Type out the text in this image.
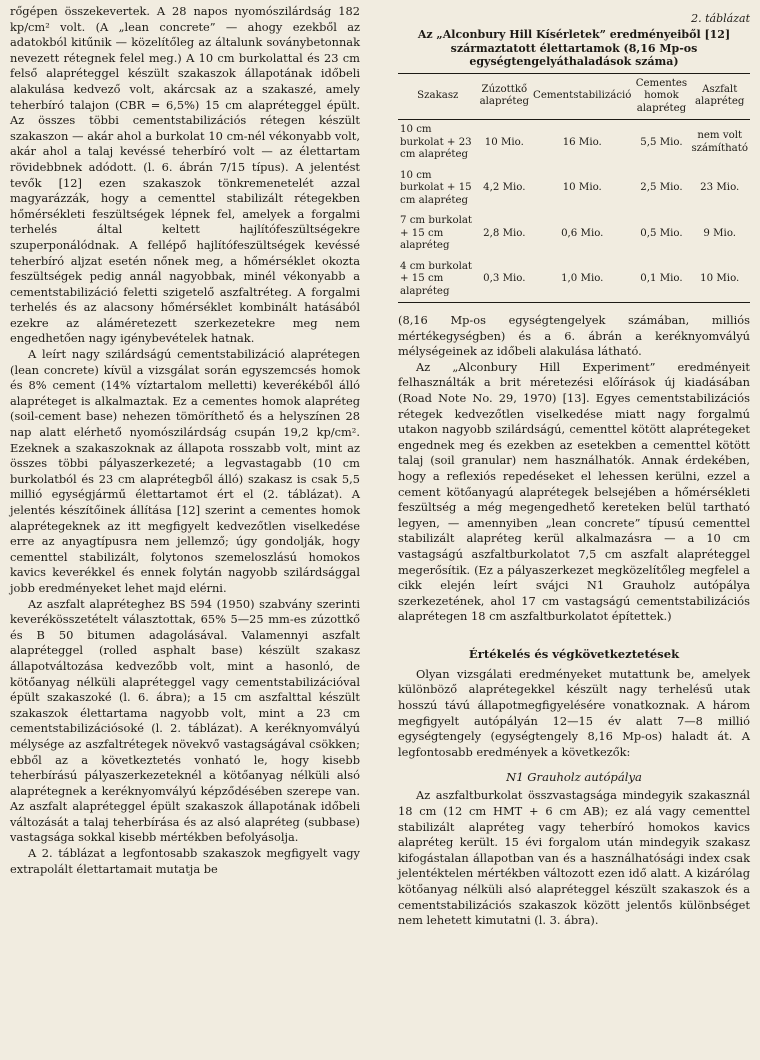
rőgépen összekevertek. A 28 napos nyomószilárdság 182 kp/cm² volt. (A „lean concrete” — ahogy ezekből az adatokból kitűnik — közelítőleg az általunk soványbetonnak nevezett rétegnek felel meg.) A 10 cm burkolattal és 23 cm felső alapréteggel készült szakaszok állapotának időbeli alakulása kedvező volt, akárcsak az a szakaszé, amely teherbíró talajon (CBR = 6,5%) 15 cm alapréteggel épült. Az összes többi cementstabilizációs rétegen készült szakaszon — akár ahol a burkolat 10 cm-nél vékonyabb volt, akár ahol a talaj kevéssé teherbíró volt — az élettartam rövidebbnek adódott. (l. 6. ábrán 7/15 típus). A jelentést tevők [12] ezen szakaszok tönkremenetelét azzal magyarázzák, hogy a cementtel stabilizált rétegekben hőmérsékleti feszültségek lépnek fel, amelyek a forgalmi terhelés által keltett hajlítófeszültségekre szuperponálódnak. A fellépő hajlítófeszültségek kevéssé teherbíró aljzat esetén nőnek meg, a hőmérséklet okozta feszültségek pedig annál nagyobbak, minél vékonyabb a cementstabilizáció feletti szigetelő aszfaltréteg. A forgalmi terhelés és az alacsony hőmérséklet kombinált hatásából ezekre az aláméretezett szerkezetekre meg nem engedhetően nagy igénybevételek hatnak.

A leírt nagy szilárdságú cementstabilizáció alaprétegen (lean concrete) kívül a vizsgálat során egyszemcsés homok és 8% cement (14% víztartalom melletti) keverékéből álló alapréteget is alkalmaztak. Ez a cementes homok alapréteg (soil-cement base) nehezen tömöríthető és a helyszínen 28 nap alatt elérhető nyomószilárdság csupán 19,2 kp/cm². Ezeknek a szakaszoknak az állapota rosszabb volt, mint az összes többi pályaszerkezeté; a legvastagabb (10 cm burkolatból és 23 cm alaprétegből álló) szakasz is csak 5,5 millió egységjármű élettartamot ért el (2. táblázat). A jelentés készítőinek állítása [12] szerint a cementes homok alaprétegeknek az itt megfigyelt kedvezőtlen viselkedése erre az anyagtípusra nem jellemző; úgy gondolják, hogy cementtel stabilizált, folytonos szemeloszlású homokos kavics keverékkel és ennek folytán nagyobb szilárdsággal jobb eredményeket lehet majd elérni.

Az aszfalt alapréteghez BS 594 (1950) szabvány szerinti keverékösszetételt választottak, 65% 5—25 mm-es zúzottkő és B 50 bitumen adagolásával. Valamennyi aszfalt alapréteggel (rolled asphalt base) készült szakasz állapotváltozása kedvezőbb volt, mint a hasonló, de kötőanyag nélküli alapréteggel vagy cementstabilizációval épült szakaszoké (l. 6. ábra); a 15 cm aszfalttal készült szakaszok élettartama nagyobb volt, mint a 23 cm cementstabilizációsoké (l. 2. táblázat). A keréknyomvályú mélysége az aszfaltrétegek növekvő vastagságával csökken; ebből az a következtetés vonható le, hogy kisebb teherbírású pályaszerkezeteknél a kötőanyag nélküli alsó alaprétegnek a keréknyomvályú képződésében szerepe van. Az aszfalt alapréteggel épült szakaszok állapotának időbeli változását a talaj teherbírása és az alsó alapréteg (subbase) vastagsága sokkal kisebb mértékben befolyásolja.

A 2. táblázat a legfontosabb szakaszok megfigyelt vagy extrapolált élettartamait mutatja be

2. táblázat
Az „Alconbury Hill Kísérletek” eredményeiből [12] származtatott élettartamok (8,16 Mp-os egységtengelyáthaladások száma)
Szakasz	Zúzottkő alapréteg	Cementstabilizáció	Cementes homok alapréteg	Aszfalt alapréteg
10 cm burkolat + 23 cm alapréteg	10 Mio.	16 Mio.	5,5 Mio.	nem volt számítható
10 cm burkolat + 15 cm alapréteg	4,2 Mio.	10 Mio.	2,5 Mio.	23 Mio.
7 cm burkolat + 15 cm alapréteg	2,8 Mio.	0,6 Mio.	0,5 Mio.	9 Mio.
4 cm burkolat + 15 cm alapréteg	0,3 Mio.	1,0 Mio.	0,1 Mio.	10 Mio.

(8,16 Mp-os egységtengelyek számában, milliós mértékegységben) és a 6. ábrán a keréknyomvályú mélységeinek az időbeli alakulása látható.

Az „Alconbury Hill Experiment” eredményeit felhasználták a brit méretezési előírások új kiadásában (Road Note No. 29, 1970) [13]. Egyes cementstabilizációs rétegek kedvezőtlen viselkedése miatt nagy forgalmú utakon nagyobb szilárdságú, cementtel kötött alaprétegeket engednek meg és ezekben az esetekben a cementtel kötött talaj (soil granular) nem használhatók. Annak érdekében, hogy a reflexiós repedéseket el lehessen kerülni, ezzel a cement kötőanyagú alaprétegek belsejében a hőmérsékleti feszültség a még megengedhető kereteken belül tartható legyen, — amennyiben „lean concrete” típusú cementtel stabilizált alapréteg kerül alkalmazásra — a 10 cm vastagságú aszfaltburkolatot 7,5 cm aszfalt alapréteggel megerősítik. (Ez a pályaszerkezet megközelítőleg megfelel a cikk elején leírt svájci N1 Grauholz autópálya szerkezetének, ahol 17 cm vastagságú cementstabilizációs alaprétegen 18 cm aszfaltburkolatot építettek.)

Értékelés és végkövetkeztetések

Olyan vizsgálati eredményeket mutattunk be, amelyek különböző alaprétegekkel készült nagy terhelésű utak hosszú távú állapotmegfigyelésére vonatkoznak. A három megfigyelt autópályán 12—15 év alatt 7—8 millió egységtengely (egységtengely 8,16 Mp-os) haladt át. A legfontosabb eredmények a következők:

N1 Grauholz autópálya

Az aszfaltburkolat összvastagsága mindegyik szakasznál 18 cm (12 cm HMT + 6 cm AB); ez alá vagy cementtel stabilizált alapréteg vagy teherbíró homokos kavics alapréteg került. 15 évi forgalom után mindegyik szakasz kifogástalan állapotban van és a használhatósági index csak jelentéktelen mértékben változott ezen idő alatt. A kizárólag kötőanyag nélküli alsó alapréteggel készült szakaszok és a cementstabilizációs szakaszok között jelentős különbséget nem lehetett kimutatni (l. 3. ábra).
